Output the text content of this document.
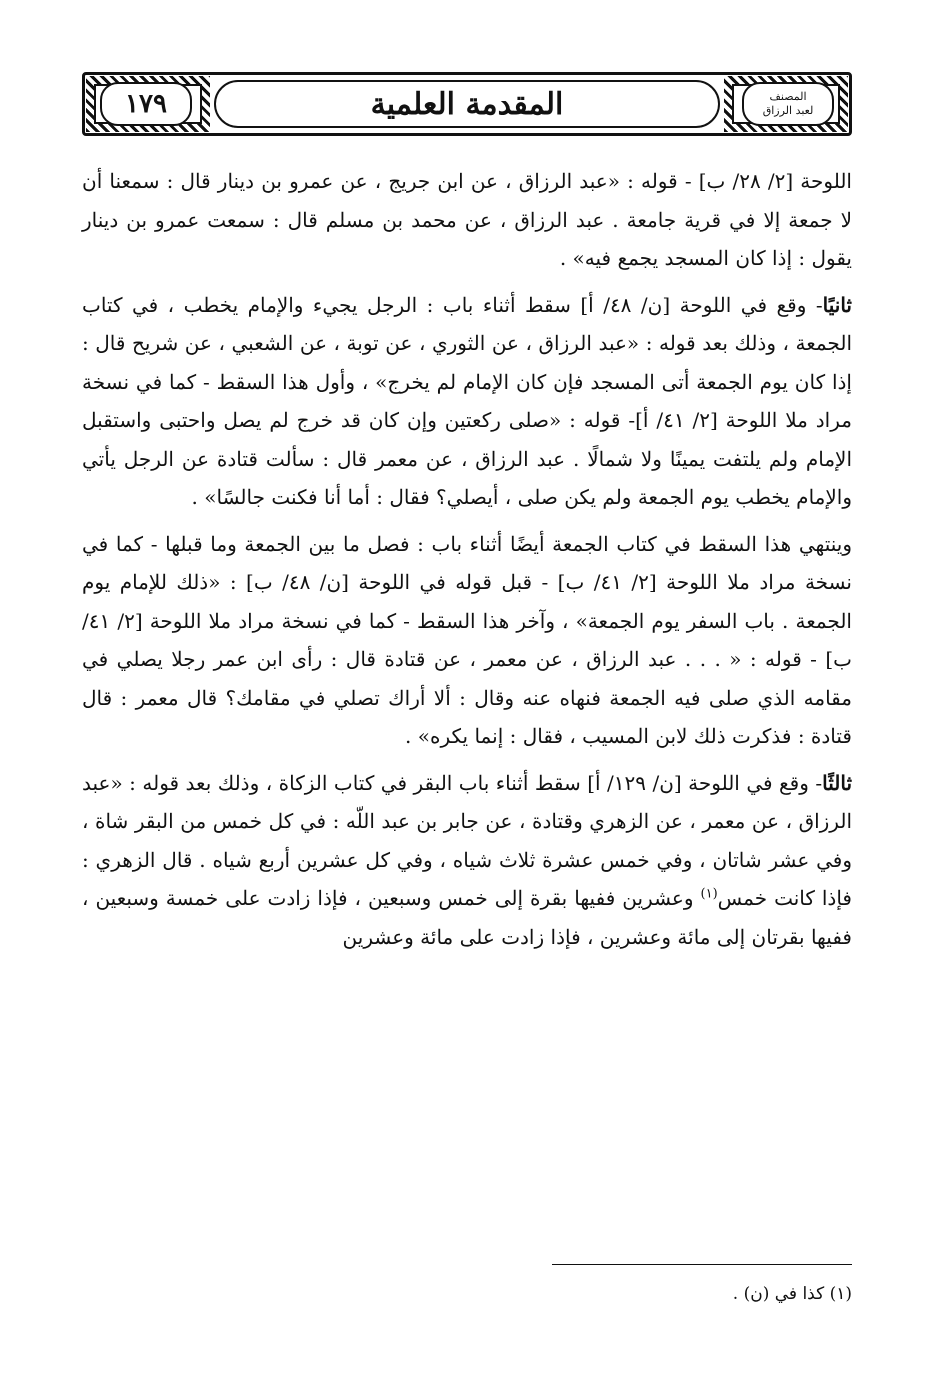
١٧٩	المقدمة العلمية	المصنف
لعبد الرزاق

اللوحة [٢/ ٢٨/ ب] - قوله : «عبد الرزاق ، عن ابن جريج ، عن عمرو بن دينار قال : سمعنا أن لا جمعة إلا في قرية جامعة . عبد الرزاق ، عن محمد بن مسلم قال : سمعت عمرو بن دينار يقول : إذا كان المسجد يجمع فيه» .

ثانيًا- وقع في اللوحة [ن/ ٤٨/ أ] سقط أثناء باب : الرجل يجيء والإمام يخطب ، في كتاب الجمعة ، وذلك بعد قوله : «عبد الرزاق ، عن الثوري ، عن توبة ، عن الشعبي ، عن شريح قال : إذا كان يوم الجمعة أتى المسجد فإن كان الإمام لم يخرج» ، وأول هذا السقط - كما في نسخة مراد ملا اللوحة [٢/ ٤١/ أ]- قوله : «صلى ركعتين وإن كان قد خرج لم يصل واحتبى واستقبل الإمام ولم يلتفت يمينًا ولا شمالًا . عبد الرزاق ، عن معمر قال : سألت قتادة عن الرجل يأتي والإمام يخطب يوم الجمعة ولم يكن صلى ، أيصلي؟ فقال : أما أنا فكنت جالسًا» .

وينتهي هذا السقط في كتاب الجمعة أيضًا أثناء باب : فصل ما بين الجمعة وما قبلها - كما في نسخة مراد ملا اللوحة [٢/ ٤١/ ب] - قبل قوله في اللوحة [ن/ ٤٨/ ب] : «ذلك للإمام يوم الجمعة . باب السفر يوم الجمعة» ، وآخر هذا السقط - كما في نسخة مراد ملا اللوحة [٢/ ٤١/ ب] - قوله : « . . . عبد الرزاق ، عن معمر ، عن قتادة قال : رأى ابن عمر رجلا يصلي في مقامه الذي صلى فيه الجمعة فنهاه عنه وقال : ألا أراك تصلي في مقامك؟ قال معمر : قال قتادة : فذكرت ذلك لابن المسيب ، فقال : إنما يكره» .

ثالثًا- وقع في اللوحة [ن/ ١٢٩/ أ] سقط أثناء باب البقر في كتاب الزكاة ، وذلك بعد قوله : «عبد الرزاق ، عن معمر ، عن الزهري وقتادة ، عن جابر بن عبد اللّه : في كل خمس من البقر شاة ، وفي عشر شاتان ، وفي خمس عشرة ثلاث شياه ، وفي كل عشرين أربع شياه . قال الزهري : فإذا كانت خمس$^{(١)}$ وعشرين ففيها بقرة إلى خمس وسبعين ، فإذا زادت على خمسة وسبعين ، ففيها بقرتان إلى مائة وعشرين ، فإذا زادت على مائة وعشرين

(١) كذا في (ن) .
